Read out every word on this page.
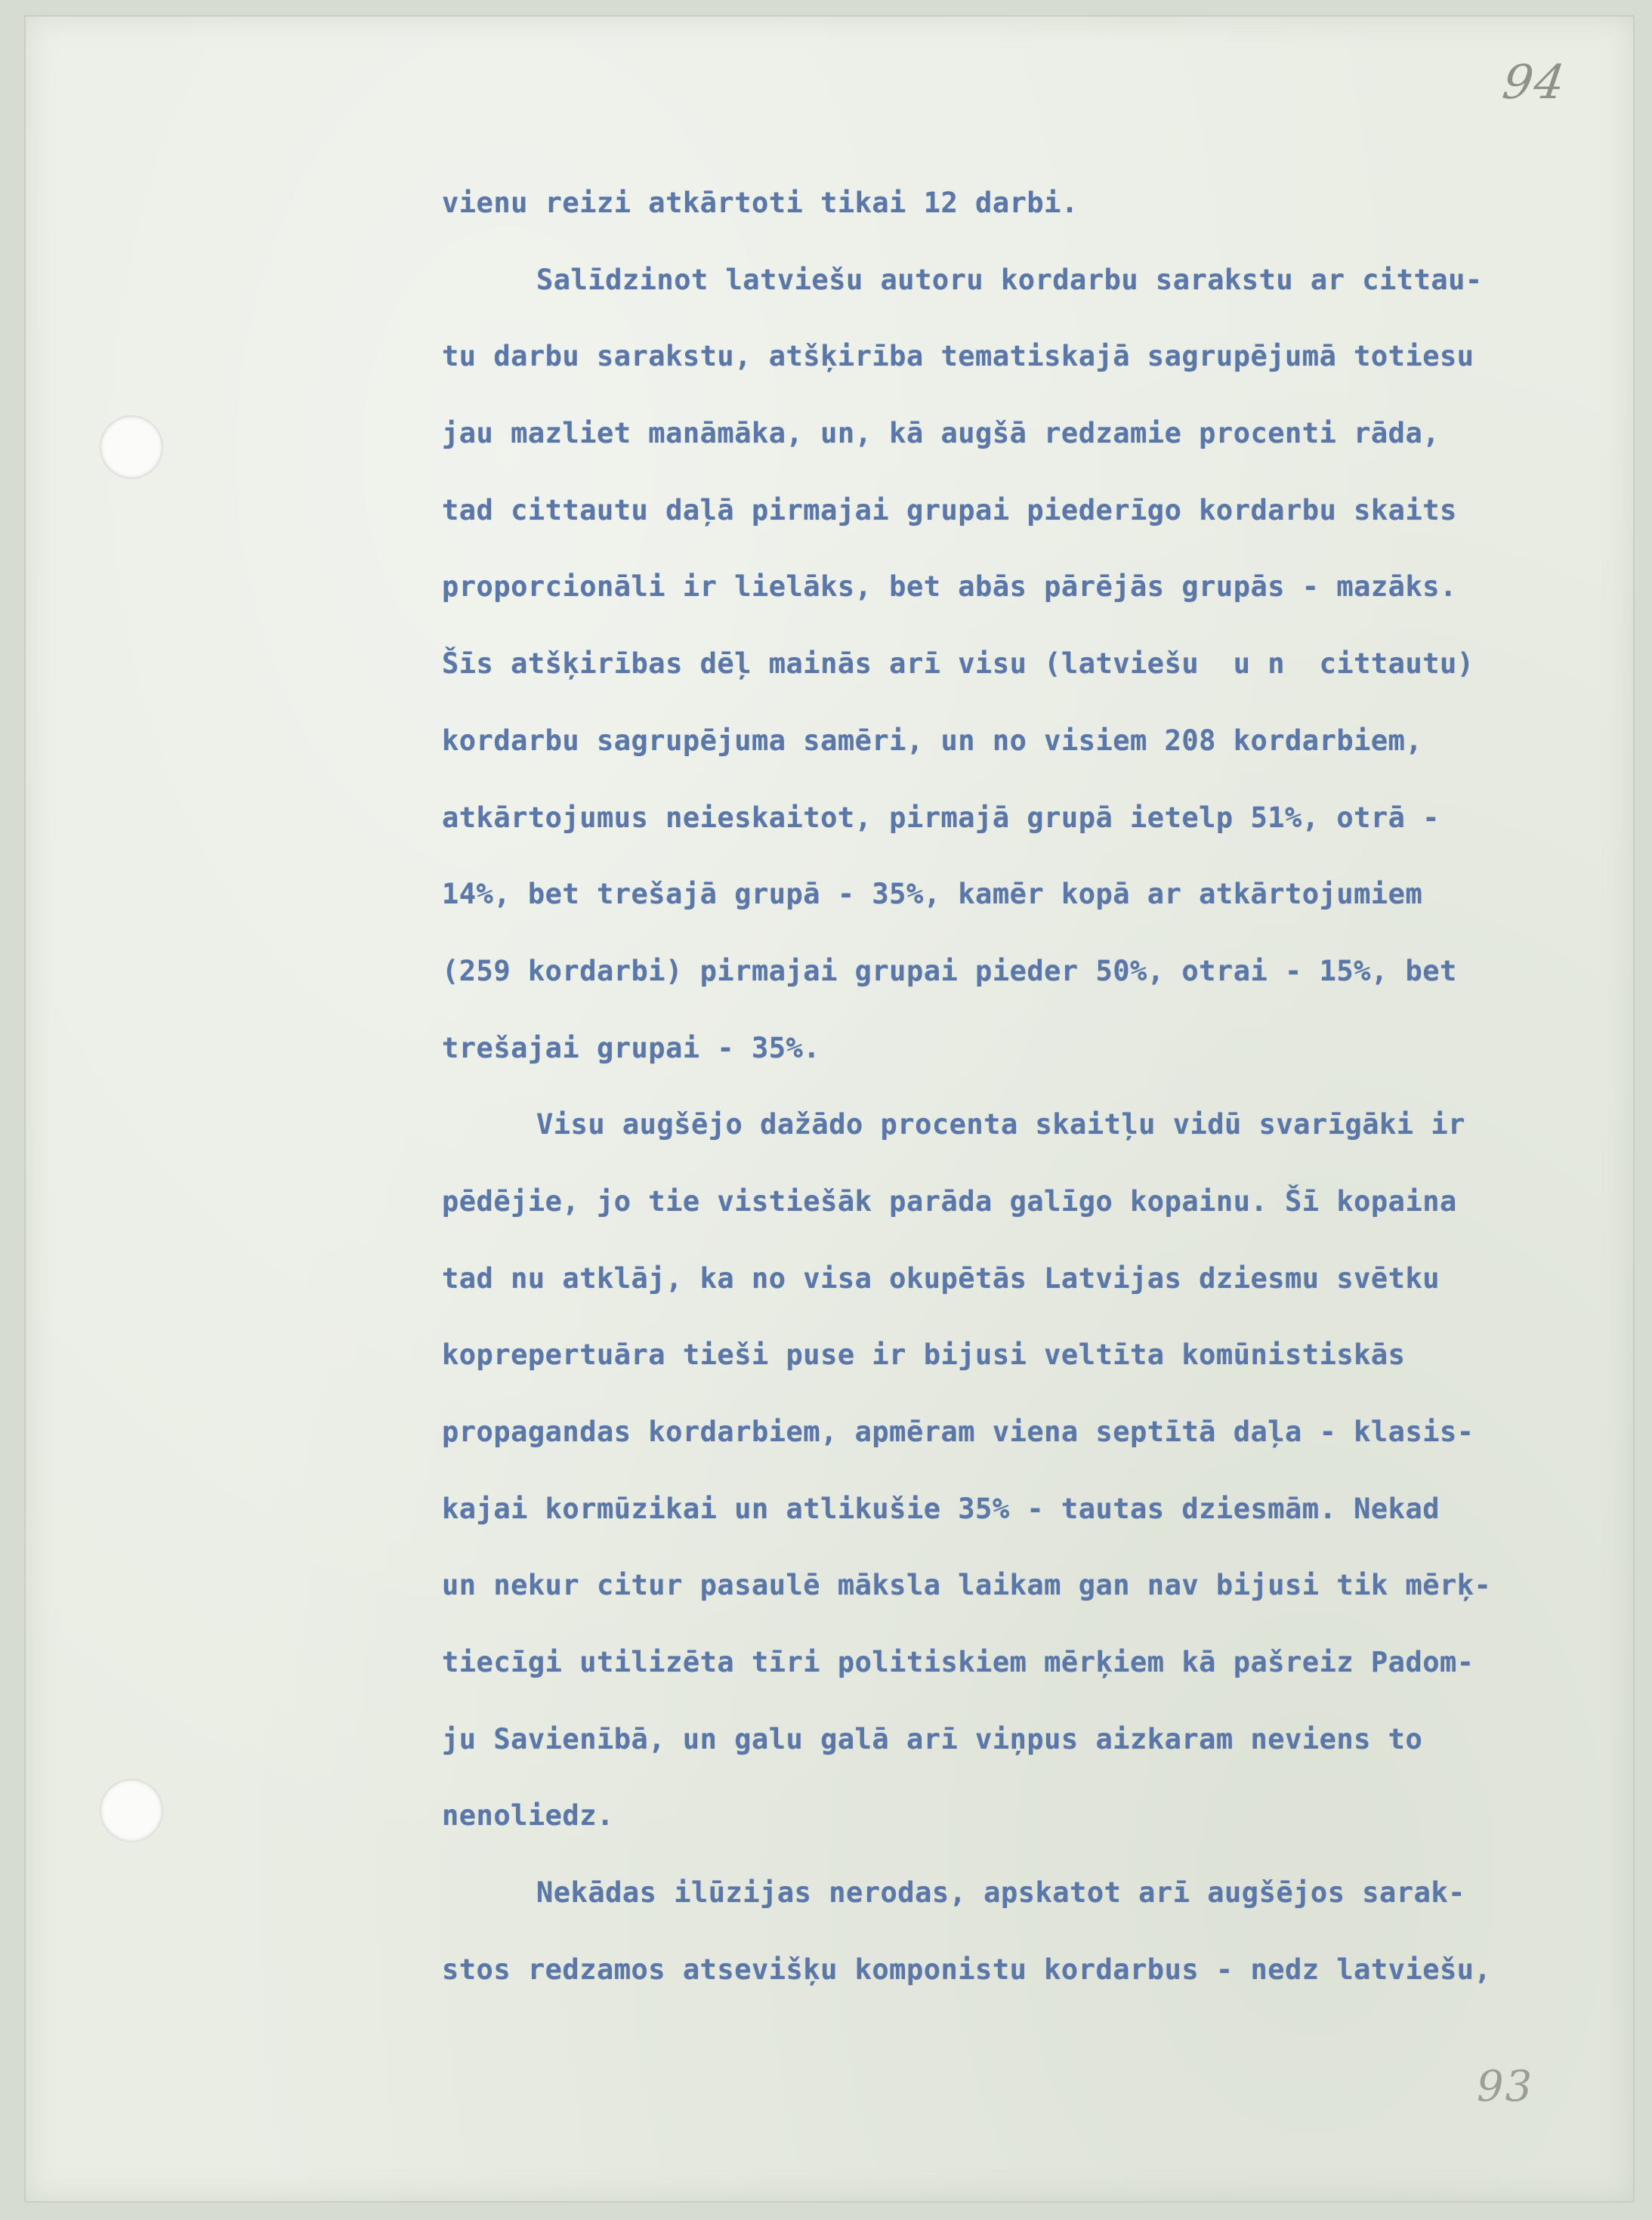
94
vienu reizi atkārtoti tikai 12 darbi.
Salīdzinot latviešu autoru kordarbu sarakstu ar cittau-
tu darbu sarakstu, atšķirība tematiskajā sagrupējumā totiesu
jau mazliet manāmāka, un, kā augšā redzamie procenti rāda,
tad cittautu daļā pirmajai grupai piederīgo kordarbu skaits
proporcionāli ir lielāks, bet abās pārējās grupās - mazāks.
Šīs atšķirības dēļ mainās arī visu (latviešu  u n  cittautu)
kordarbu sagrupējuma samēri, un no visiem 208 kordarbiem,
atkārtojumus neieskaitot, pirmajā grupā ietelp 51%, otrā -
14%, bet trešajā grupā - 35%, kamēr kopā ar atkārtojumiem
(259 kordarbi) pirmajai grupai pieder 50%, otrai - 15%, bet
trešajai grupai - 35%.
Visu augšējo dažādo procenta skaitļu vidū svarīgāki ir
pēdējie, jo tie vistiešāk parāda galīgo kopainu. Šī kopaina
tad nu atklāj, ka no visa okupētās Latvijas dziesmu svētku
koprepertuāra tieši puse ir bijusi veltīta komūnistiskās
propagandas kordarbiem, apmēram viena septītā daļa - klasis-
kajai kormūzikai un atlikušie 35% - tautas dziesmām. Nekad
un nekur citur pasaulē māksla laikam gan nav bijusi tik mērķ-
tiecīgi utilizēta tīri politiskiem mērķiem kā pašreiz Padom-
ju Savienībā, un galu galā arī viņpus aizkaram neviens to
nenoliedz.
Nekādas ilūzijas nerodas, apskatot arī augšējos sarak-
stos redzamos atsevišķu komponistu kordarbus - nedz latviešu,
93
